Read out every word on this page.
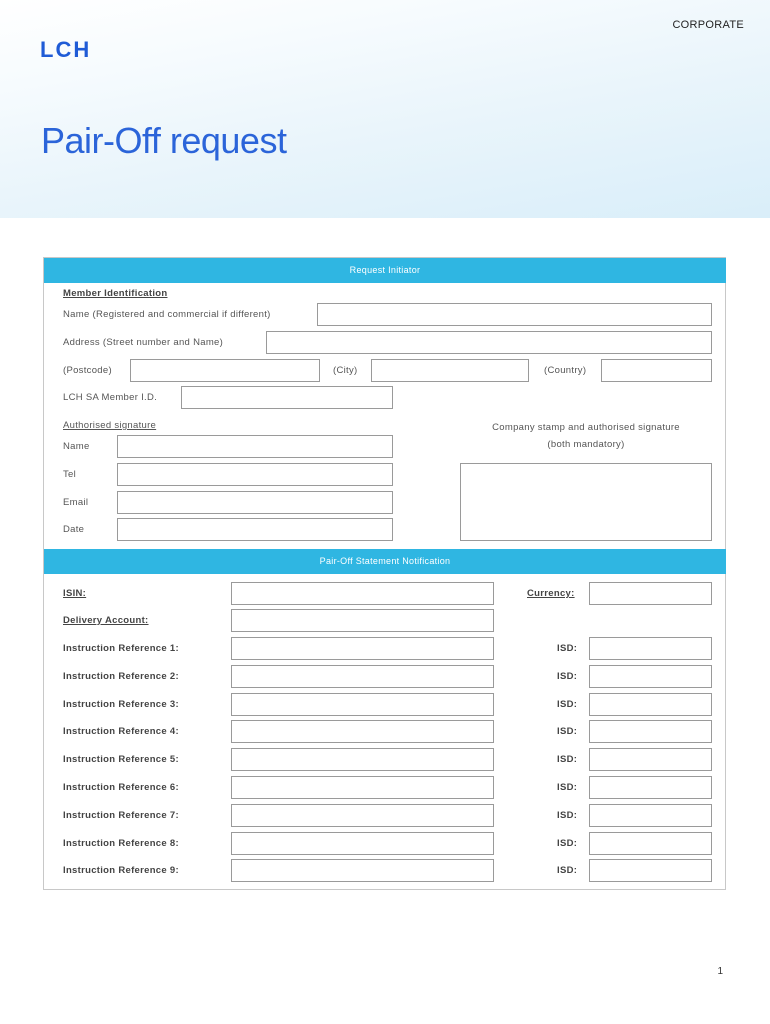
CORPORATE
LCH
Pair-Off request
Request Initiator
Member Identification
Name (Registered and commercial if different)
Address (Street number and Name)
(Postcode)	(City)	(Country)
LCH SA Member I.D.
Authorised signature
Name
Tel
Email
Date
Company stamp and authorised signature
(both mandatory)
Pair-Off Statement Notification
ISIN:	Currency:
Delivery Account:
Instruction Reference 1:	ISD:
Instruction Reference 2:	ISD:
Instruction Reference 3:	ISD:
Instruction Reference 4:	ISD:
Instruction Reference 5:	ISD:
Instruction Reference 6:	ISD:
Instruction Reference 7:	ISD:
Instruction Reference 8:	ISD:
Instruction Reference 9:	ISD:
1
